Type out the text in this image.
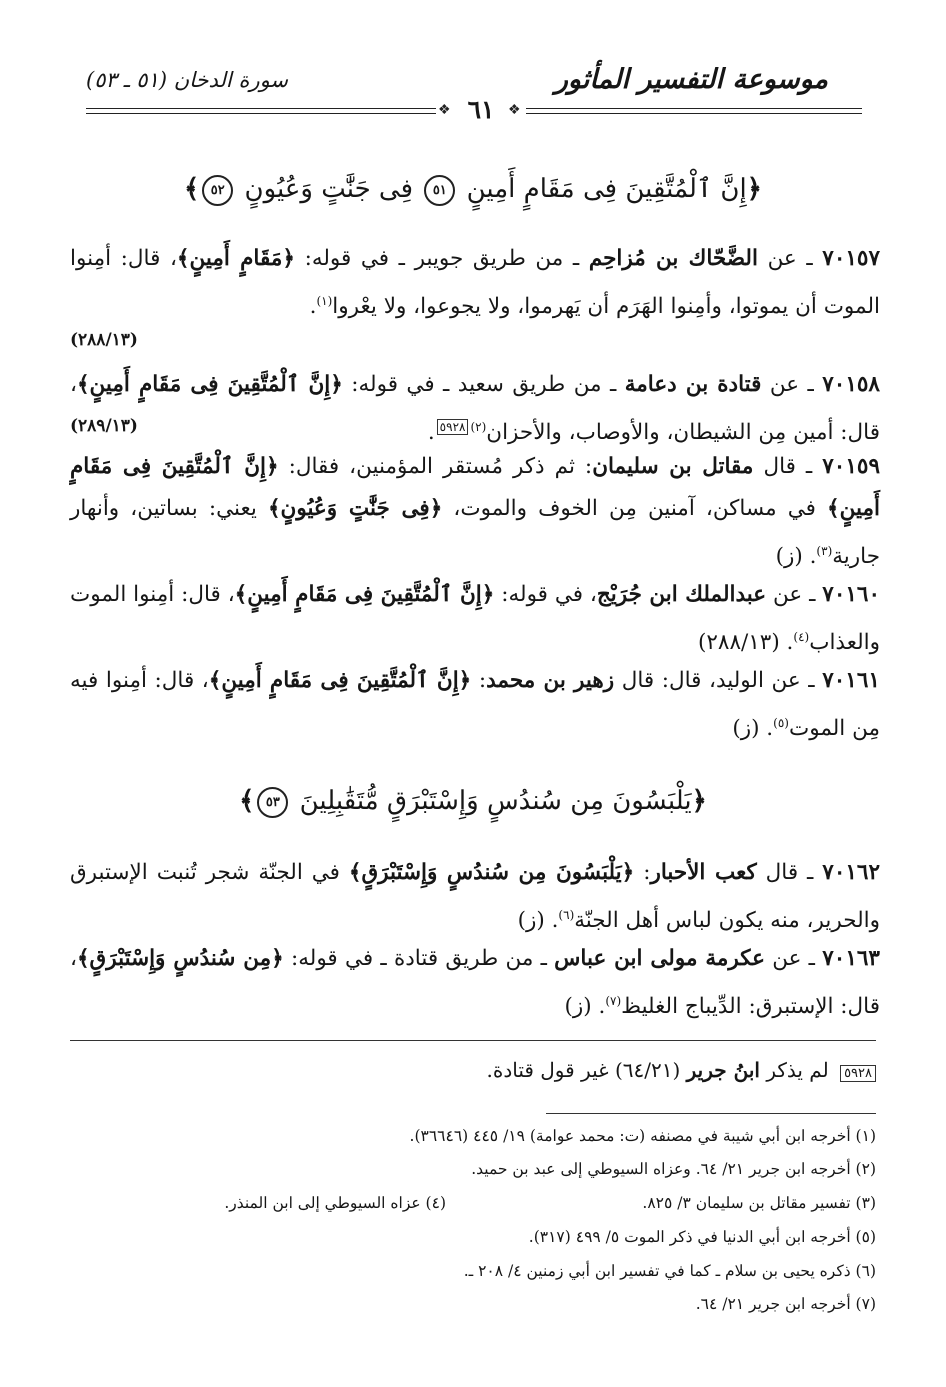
موسوعة التفسير المأثور
سورة الدخان (٥١ ـ ٥٣)
٦١
❖	❖
﴿إِنَّ ٱلْمُتَّقِينَ فِى مَقَامٍ أَمِينٍ ٥١ فِى جَنَّٰتٍ وَعُيُونٍ ٥٢﴾
٧٠١٥٧ ـ عن الضَّحّاك بن مُزاحِم ـ من طريق جويبر ـ في قوله: ﴿مَقَامٍ أَمِينٍ﴾، قال: أمِنوا الموت أن يموتوا، وأمِنوا الهَرَم أن يَهرموا، ولا يجوعوا، ولا يعْروا$^{(١)}$.
(٢٨٨/١٣)
٧٠١٥٨ ـ عن قتادة بن دعامة ـ من طريق سعيد ـ في قوله: ﴿إِنَّ ٱلْمُتَّقِينَ فِى مَقَامٍ أَمِينٍ﴾، قال: أمين مِن الشيطان، والأوصاب، والأحزان$^{(٢)}$٥٩٢٨.
(٢٨٩/١٣)
٧٠١٥٩ ـ قال مقاتل بن سليمان: ثم ذكر مُستقر المؤمنين، فقال: ﴿إِنَّ ٱلْمُتَّقِينَ فِى مَقَامٍ أَمِينٍ﴾ في مساكن، آمنين مِن الخوف والموت، ﴿فِى جَنَّٰتٍ وَعُيُونٍ﴾ يعني: بساتين، وأنهار جارية$^{(٣)}$. (ز)
٧٠١٦٠ ـ عن عبدالملك ابن جُرَيْج، في قوله: ﴿إِنَّ ٱلْمُتَّقِينَ فِى مَقَامٍ أَمِينٍ﴾، قال: أمِنوا الموت والعذاب$^{(٤)}$. (٢٨٨/١٣)
٧٠١٦١ ـ عن الوليد، قال: قال زهير بن محمد: ﴿إِنَّ ٱلْمُتَّقِينَ فِى مَقَامٍ أَمِينٍ﴾، قال: أمِنوا فيه مِن الموت$^{(٥)}$. (ز)
﴿يَلْبَسُونَ مِن سُندُسٍ وَإِسْتَبْرَقٍ مُّتَقَٰبِلِينَ ٥٣﴾
٧٠١٦٢ ـ قال كعب الأحبار: ﴿يَلْبَسُونَ مِن سُندُسٍ وَإِسْتَبْرَقٍ﴾ في الجنّة شجر تُنبت الإستبرق والحرير، منه يكون لباس أهل الجنّة$^{(٦)}$. (ز)
٧٠١٦٣ ـ عن عكرمة مولى ابن عباس ـ من طريق قتادة ـ في قوله: ﴿مِن سُندُسٍ وَإِسْتَبْرَقٍ﴾، قال: الإستبرق: الدِّيباج الغليظ$^{(٧)}$. (ز)
٥٩٢٨ لم يذكر ابنُ جرير (٦٤/٢١) غير قول قتادة.
(١) أخرجه ابن أبي شيبة في مصنفه (ت: محمد عوامة) ١٩/ ٤٤٥ (٣٦٦٤٦).
(٢) أخرجه ابن جرير ٢١/ ٦٤. وعزاه السيوطي إلى عبد بن حميد.
(٣) تفسير مقاتل بن سليمان ٣/ ٨٢٥.
(٤) عزاه السيوطي إلى ابن المنذر.
(٥) أخرجه ابن أبي الدنيا في ذكر الموت ٥/ ٤٩٩ (٣١٧).
(٦) ذكره يحيى بن سلام ـ كما في تفسير ابن أبي زمنين ٤/ ٢٠٨ ـ.
(٧) أخرجه ابن جرير ٢١/ ٦٤.
